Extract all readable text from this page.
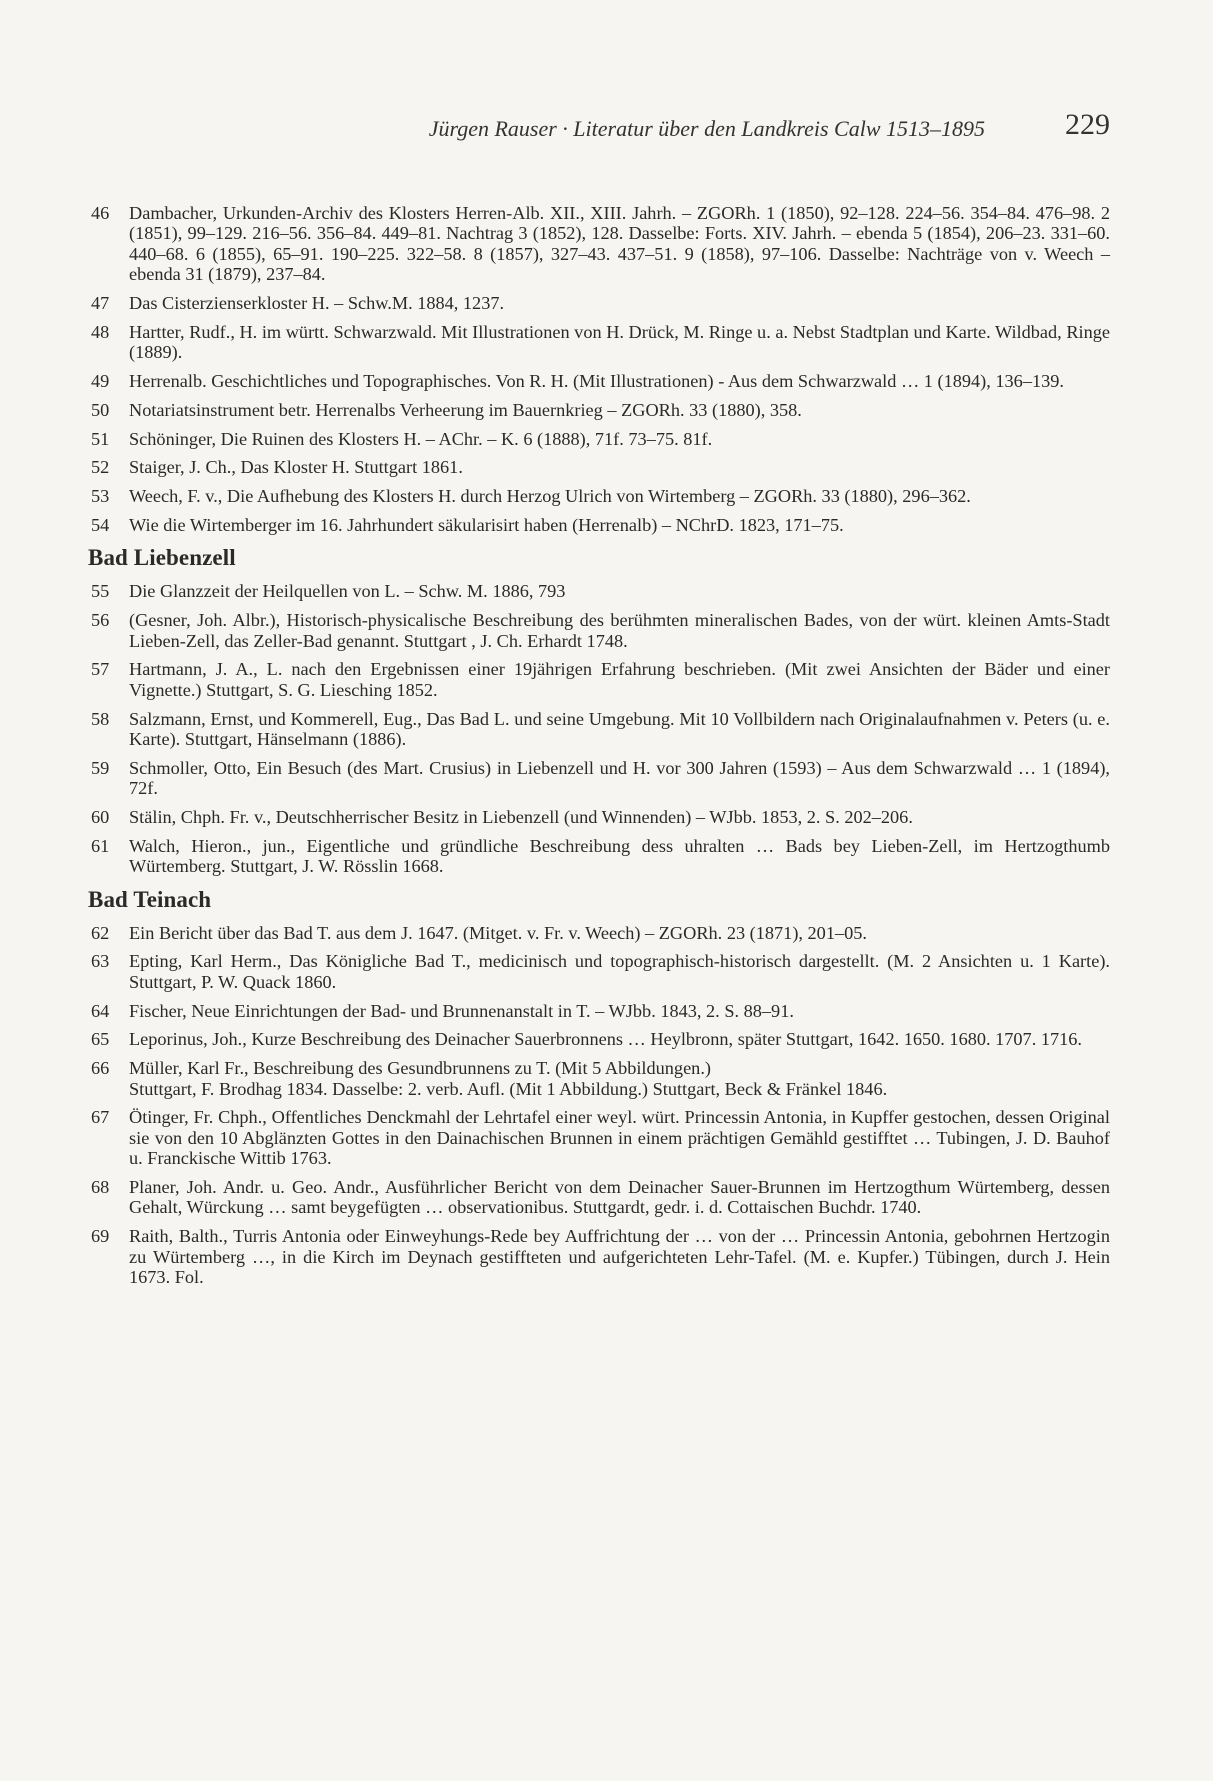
Jürgen Rauser · Literatur über den Landkreis Calw 1513–1895	229
46	Dambacher, Urkunden-Archiv des Klosters Herren-Alb. XII., XIII. Jahrh. – ZGORh. 1 (1850), 92–128. 224–56. 354–84. 476–98. 2 (1851), 99–129. 216–56. 356–84. 449–81. Nachtrag 3 (1852), 128. Dasselbe: Forts. XIV. Jahrh. – ebenda 5 (1854), 206–23. 331–60. 440–68. 6 (1855), 65–91. 190–225. 322–58. 8 (1857), 327–43. 437–51. 9 (1858), 97–106. Dasselbe: Nachträge von v. Weech – ebenda 31 (1879), 237–84.
47	Das Cisterzienserkloster H. – Schw.M. 1884, 1237.
48	Hartter, Rudf., H. im württ. Schwarzwald. Mit Illustrationen von H. Drück, M. Ringe u. a. Nebst Stadtplan und Karte. Wildbad, Ringe (1889).
49	Herrenalb. Geschichtliches und Topographisches. Von R. H. (Mit Illustrationen) - Aus dem Schwarzwald … 1 (1894), 136–139.
50	Notariatsinstrument betr. Herrenalbs Verheerung im Bauernkrieg – ZGORh. 33 (1880), 358.
51	Schöninger, Die Ruinen des Klosters H. – AChr. – K. 6 (1888), 71f. 73–75. 81f.
52	Staiger, J. Ch., Das Kloster H. Stuttgart 1861.
53	Weech, F. v., Die Aufhebung des Klosters H. durch Herzog Ulrich von Wirtemberg – ZGORh. 33 (1880), 296–362.
54	Wie die Wirtemberger im 16. Jahrhundert säkularisirt haben (Herrenalb) – NChrD. 1823, 171–75.
Bad Liebenzell
55	Die Glanzzeit der Heilquellen von L. – Schw. M. 1886, 793
56	(Gesner, Joh. Albr.), Historisch-physicalische Beschreibung des berühmten mineralischen Bades, von der würt. kleinen Amts-Stadt Lieben-Zell, das Zeller-Bad genannt. Stuttgart , J. Ch. Erhardt 1748.
57	Hartmann, J. A., L. nach den Ergebnissen einer 19jährigen Erfahrung beschrieben. (Mit zwei Ansichten der Bäder und einer Vignette.) Stuttgart, S. G. Liesching 1852.
58	Salzmann, Ernst, und Kommerell, Eug., Das Bad L. und seine Umgebung. Mit 10 Vollbildern nach Originalaufnahmen v. Peters (u. e. Karte). Stuttgart, Hänselmann (1886).
59	Schmoller, Otto, Ein Besuch (des Mart. Crusius) in Liebenzell und H. vor 300 Jahren (1593) – Aus dem Schwarzwald … 1 (1894), 72f.
60	Stälin, Chph. Fr. v., Deutschherrischer Besitz in Liebenzell (und Winnenden) – WJbb. 1853, 2. S. 202–206.
61	Walch, Hieron., jun., Eigentliche und gründliche Beschreibung dess uhralten … Bads bey Lieben-Zell, im Hertzogthumb Würtemberg. Stuttgart, J. W. Rösslin 1668.
Bad Teinach
62	Ein Bericht über das Bad T. aus dem J. 1647. (Mitget. v. Fr. v. Weech) – ZGORh. 23 (1871), 201–05.
63	Epting, Karl Herm., Das Königliche Bad T., medicinisch und topographisch-historisch dargestellt. (M. 2 Ansichten u. 1 Karte). Stuttgart, P. W. Quack 1860.
64	Fischer, Neue Einrichtungen der Bad- und Brunnenanstalt in T. – WJbb. 1843, 2. S. 88–91.
65	Leporinus, Joh., Kurze Beschreibung des Deinacher Sauerbronnens … Heylbronn, später Stuttgart, 1642. 1650. 1680. 1707. 1716.
66	Müller, Karl Fr., Beschreibung des Gesundbrunnens zu T. (Mit 5 Abbildungen.)
Stuttgart, F. Brodhag 1834. Dasselbe: 2. verb. Aufl. (Mit 1 Abbildung.) Stuttgart, Beck & Fränkel 1846.
67	Ötinger, Fr. Chph., Offentliches Denckmahl der Lehrtafel einer weyl. würt. Princessin Antonia, in Kupffer gestochen, dessen Original sie von den 10 Abglänzten Gottes in den Dainachischen Brunnen in einem prächtigen Gemähld gestifftet … Tubingen, J. D. Bauhof u. Franckische Wittib 1763.
68	Planer, Joh. Andr. u. Geo. Andr., Ausführlicher Bericht von dem Deinacher Sauer-Brunnen im Hertzogthum Würtemberg, dessen Gehalt, Würckung … samt beygefügten … observationibus. Stuttgardt, gedr. i. d. Cottaischen Buchdr. 1740.
69	Raith, Balth., Turris Antonia oder Einweyhungs-Rede bey Auffrichtung der … von der … Princessin Antonia, gebohrnen Hertzogin zu Würtemberg …, in die Kirch im Deynach gestiffteten und aufgerichteten Lehr-Tafel. (M. e. Kupfer.) Tübingen, durch J. Hein 1673. Fol.
